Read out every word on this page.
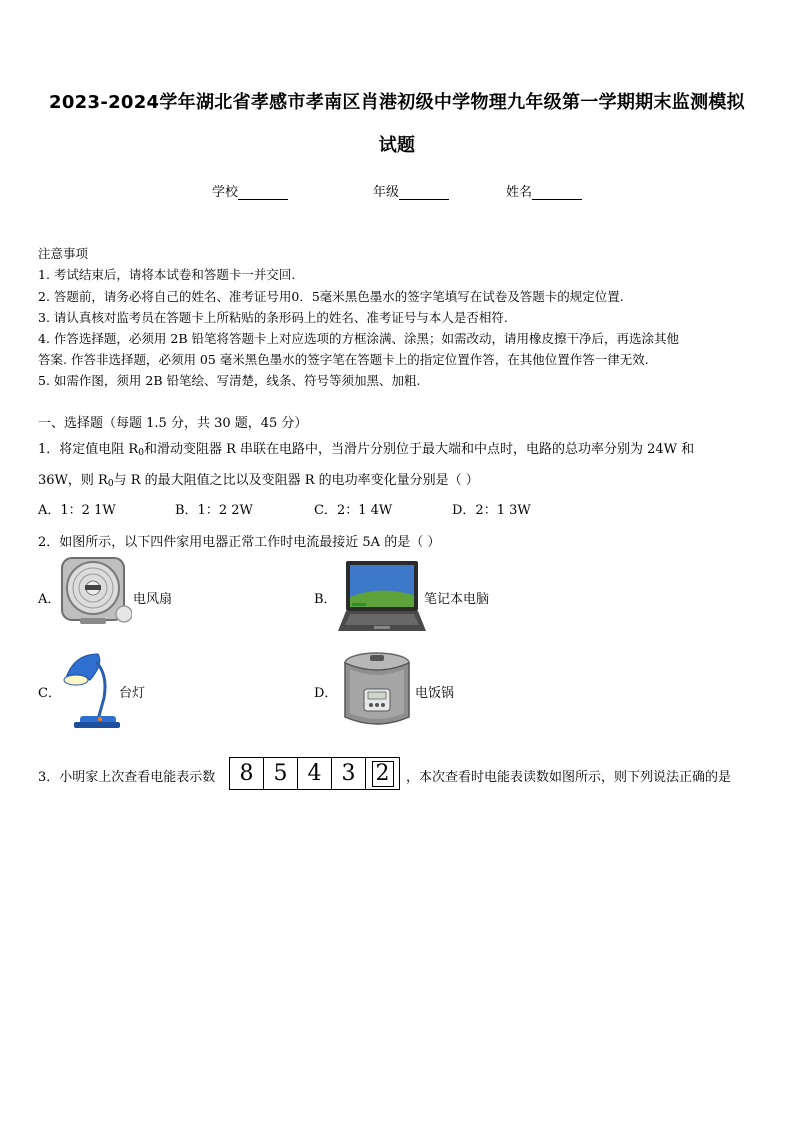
2023-2024学年湖北省孝感市孝南区肖港初级中学物理九年级第一学期期末监测模拟
试题
学校	年级	姓名
注意事项
1. 考试结束后，请将本试卷和答题卡一并交回.
2. 答题前，请务必将自己的姓名、准考证号用0．5毫米黑色墨水的签字笔填写在试卷及答题卡的规定位置.
3. 请认真核对监考员在答题卡上所粘贴的条形码上的姓名、准考证号与本人是否相符.
4. 作答选择题，必须用 2B 铅笔将答题卡上对应选项的方框涂满、涂黑；如需改动，请用橡皮擦干净后，再选涂其他
答案. 作答非选择题，必须用 05 毫米黑色墨水的签字笔在答题卡上的指定位置作答，在其他位置作答一律无效.
5. 如需作图，须用 2B 铅笔绘、写清楚，线条、符号等须加黑、加粗.
一、选择题（每题 1.5 分，共 30 题，45 分）
1．将定值电阻 $R_0$和滑动变阻器 R 串联在电路中，当滑片分别位于最大端和中点时，电路的总功率分别为 24W 和
36W，则 $R_0$与 R 的最大阻值之比以及变阻器 R 的电功率变化量分别是（ ）
A．1：2 1W	B．1：2 2W	C．2：1 4W	D．2：1 3W
2．如图所示，以下四件家用电器正常工作时电流最接近 5A 的是（ ）
A．	电风扇	B．	笔记本电脑
C．	台灯	D．	电饭锅
3．小明家上次查看电能表示数	8 5 4 3 2	，本次查看时电能表读数如图所示，则下列说法正确的是
